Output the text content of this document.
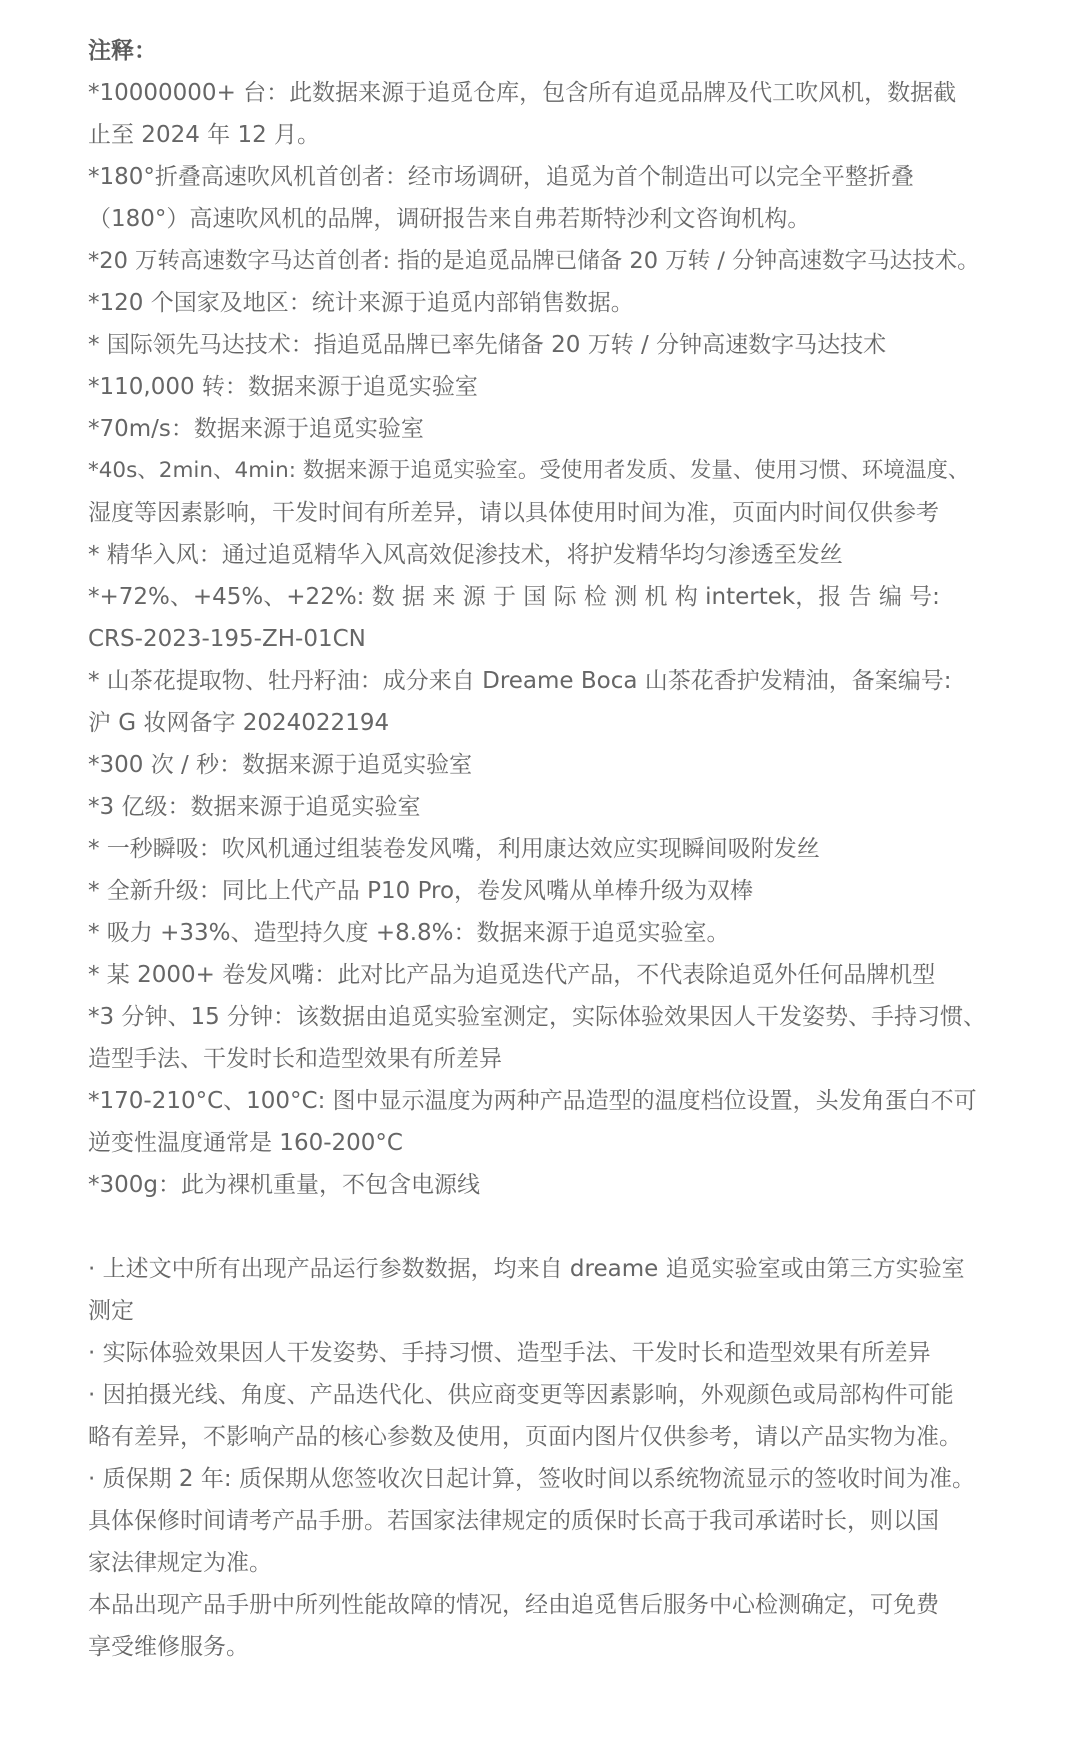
注释：

*10000000+ 台：此数据来源于追觅仓库，包含所有追觅品牌及代工吹风机，数据截

止至 2024 年 12 月。

*180°折叠高速吹风机首创者：经市场调研，追觅为首个制造出可以完全平整折叠

（180°）高速吹风机的品牌，调研报告来自弗若斯特沙利文咨询机构。

*20 万转高速数字马达首创者: 指的是追觅品牌已储备 20 万转 / 分钟高速数字马达技术。

*120 个国家及地区：统计来源于追觅内部销售数据。

* 国际领先马达技术：指追觅品牌已率先储备 20 万转 / 分钟高速数字马达技术

*110,000 转：数据来源于追觅实验室

*70m/s：数据来源于追觅实验室

*40s、2min、4min: 数据来源于追觅实验室。受使用者发质、发量、使用习惯、环境温度、

湿度等因素影响，干发时间有所差异，请以具体使用时间为准，页面内时间仅供参考

* 精华入风：通过追觅精华入风高效促渗技术，将护发精华均匀渗透至发丝

*+72%、+45%、+22%: 数 据 来 源 于 国 际 检 测 机 构 intertek，报 告 编 号:

CRS-2023-195-ZH-01CN

* 山茶花提取物、牡丹籽油：成分来自 Dreame Boca 山茶花香护发精油，备案编号:

沪 G 妆网备字 2024022194

*300 次 / 秒：数据来源于追觅实验室

*3 亿级：数据来源于追觅实验室

* 一秒瞬吸：吹风机通过组装卷发风嘴，利用康达效应实现瞬间吸附发丝

* 全新升级：同比上代产品 P10 Pro，卷发风嘴从单棒升级为双棒

* 吸力 +33%、造型持久度 +8.8%：数据来源于追觅实验室。

* 某 2000+ 卷发风嘴：此对比产品为追觅迭代产品，不代表除追觅外任何品牌机型

*3 分钟、15 分钟：该数据由追觅实验室测定，实际体验效果因人干发姿势、手持习惯、

造型手法、干发时长和造型效果有所差异

*170-210°C、100°C: 图中显示温度为两种产品造型的温度档位设置，头发角蛋白不可

逆变性温度通常是 160-200°C

*300g：此为裸机重量，不包含电源线

· 上述文中所有出现产品运行参数数据，均来自 dreame 追觅实验室或由第三方实验室

测定

· 实际体验效果因人干发姿势、手持习惯、造型手法、干发时长和造型效果有所差异

· 因拍摄光线、角度、产品迭代化、供应商变更等因素影响，外观颜色或局部构件可能

略有差异，不影响产品的核心参数及使用，页面内图片仅供参考，请以产品实物为准。

· 质保期 2 年: 质保期从您签收次日起计算，签收时间以系统物流显示的签收时间为准。

具体保修时间请考产品手册。若国家法律规定的质保时长高于我司承诺时长，则以国

家法律规定为准。

本品出现产品手册中所列性能故障的情况，经由追觅售后服务中心检测确定，可免费

享受维修服务。
